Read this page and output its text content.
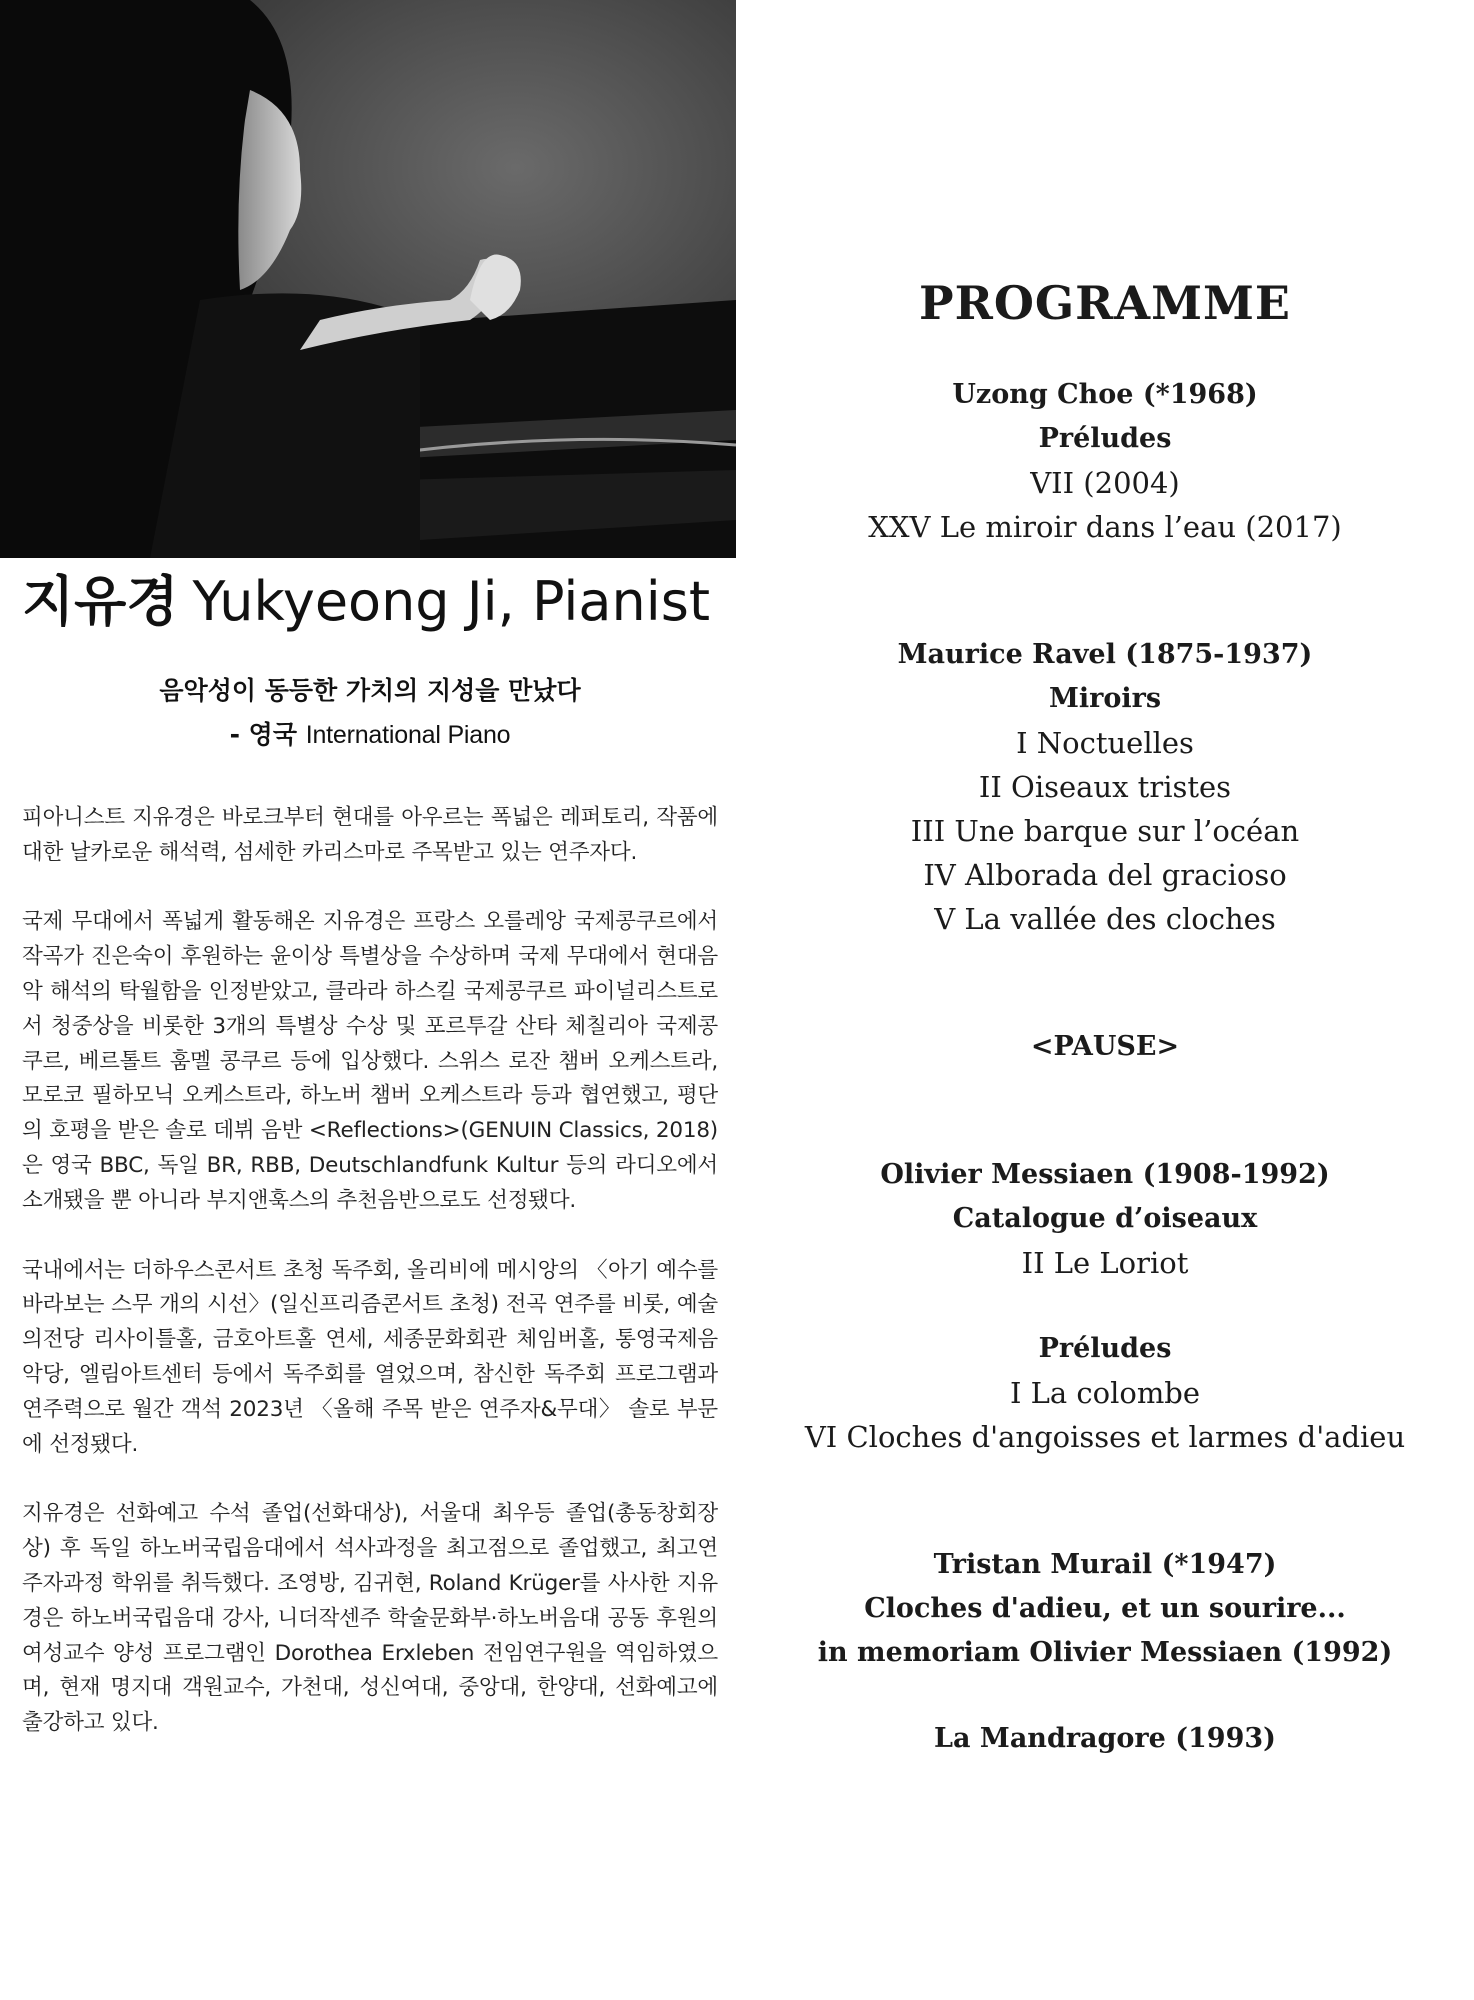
지유경 Yukyeong Ji, Pianist
음악성이 동등한 가치의 지성을 만났다
- 영국 International Piano

피아니스트 지유경은 바로크부터 현대를 아우르는 폭넓은 레퍼토리, 작품에 대한 날카로운 해석력, 섬세한 카리스마로 주목받고 있는 연주자다.

국제 무대에서 폭넓게 활동해온 지유경은 프랑스 오를레앙 국제콩쿠르에서 작곡가 진은숙이 후원하는 윤이상 특별상을 수상하며 국제 무대에서 현대음악 해석의 탁월함을 인정받았고, 클라라 하스킬 국제콩쿠르 파이널리스트로서 청중상을 비롯한 3개의 특별상 수상 및 포르투갈 산타 체칠리아 국제콩쿠르, 베르톨트 훔멜 콩쿠르 등에 입상했다. 스위스 로잔 챔버 오케스트라, 모로코 필하모닉 오케스트라, 하노버 챔버 오케스트라 등과 협연했고, 평단의 호평을 받은 솔로 데뷔 음반 <Reflections>(GENUIN Classics, 2018)은 영국 BBC, 독일 BR, RBB, Deutschlandfunk Kultur 등의 라디오에서 소개됐을 뿐 아니라 부지앤훅스의 추천음반으로도 선정됐다.

국내에서는 더하우스콘서트 초청 독주회, 올리비에 메시앙의 〈아기 예수를 바라보는 스무 개의 시선〉(일신프리즘콘서트 초청) 전곡 연주를 비롯, 예술의전당 리사이틀홀, 금호아트홀 연세, 세종문화회관 체임버홀, 통영국제음악당, 엘림아트센터 등에서 독주회를 열었으며, 참신한 독주회 프로그램과 연주력으로 월간 객석 2023년 〈올해 주목 받은 연주자&무대〉 솔로 부문에 선정됐다.

지유경은 선화예고 수석 졸업(선화대상), 서울대 최우등 졸업(총동창회장상) 후 독일 하노버국립음대에서 석사과정을 최고점으로 졸업했고, 최고연주자과정 학위를 취득했다. 조영방, 김귀현, Roland Krüger를 사사한 지유경은 하노버국립음대 강사, 니더작센주 학술문화부·하노버음대 공동 후원의 여성교수 양성 프로그램인 Dorothea Erxleben 전임연구원을 역임하였으며, 현재 명지대 객원교수, 가천대, 성신여대, 중앙대, 한양대, 선화예고에 출강하고 있다.

PROGRAMME
Uzong Choe (*1968)
Préludes
VII (2004)
XXV Le miroir dans l’eau (2017)
Maurice Ravel (1875-1937)
Miroirs
I Noctuelles
II Oiseaux tristes
III Une barque sur l’océan
IV Alborada del gracioso
V La vallée des cloches
<PAUSE>
Olivier Messiaen (1908-1992)
Catalogue d’oiseaux
II Le Loriot
Préludes
I La colombe
VI Cloches d'angoisses et larmes d'adieu
Tristan Murail (*1947)
Cloches d'adieu, et un sourire...
in memoriam Olivier Messiaen (1992)
La Mandragore (1993)
